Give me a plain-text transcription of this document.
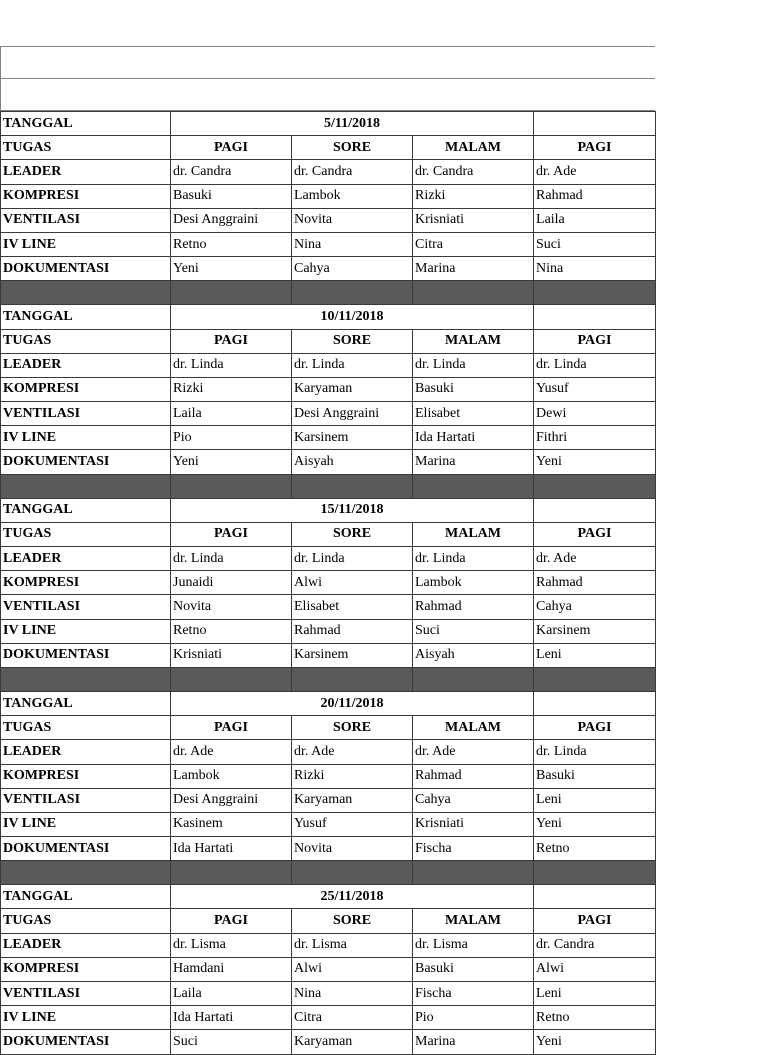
TANGGAL	5/11/2018			
TUGAS	PAGI	SORE	MALAM	PAGI
LEADER	dr. Candra	dr. Candra	dr. Candra	dr. Ade
KOMPRESI	Basuki	Lambok	Rizki	Rahmad
VENTILASI	Desi Anggraini	Novita	Krisniati	Laila
IV LINE	Retno	Nina	Citra	Suci
DOKUMENTASI	Yeni	Cahya	Marina	Nina

TANGGAL	10/11/2018			
TUGAS	PAGI	SORE	MALAM	PAGI
LEADER	dr. Linda	dr. Linda	dr. Linda	dr. Linda
KOMPRESI	Rizki	Karyaman	Basuki	Yusuf
VENTILASI	Laila	Desi Anggraini	Elisabet	Dewi
IV LINE	Pio	Karsinem	Ida Hartati	Fithri
DOKUMENTASI	Yeni	Aisyah	Marina	Yeni

TANGGAL	15/11/2018			
TUGAS	PAGI	SORE	MALAM	PAGI
LEADER	dr. Linda	dr. Linda	dr. Linda	dr. Ade
KOMPRESI	Junaidi	Alwi	Lambok	Rahmad
VENTILASI	Novita	Elisabet	Rahmad	Cahya
IV LINE	Retno	Rahmad	Suci	Karsinem
DOKUMENTASI	Krisniati	Karsinem	Aisyah	Leni

TANGGAL	20/11/2018			
TUGAS	PAGI	SORE	MALAM	PAGI
LEADER	dr. Ade	dr. Ade	dr. Ade	dr. Linda
KOMPRESI	Lambok	Rizki	Rahmad	Basuki
VENTILASI	Desi Anggraini	Karyaman	Cahya	Leni
IV LINE	Kasinem	Yusuf	Krisniati	Yeni
DOKUMENTASI	Ida Hartati	Novita	Fischa	Retno

TANGGAL	25/11/2018			
TUGAS	PAGI	SORE	MALAM	PAGI
LEADER	dr. Lisma	dr. Lisma	dr. Lisma	dr. Candra
KOMPRESI	Hamdani	Alwi	Basuki	Alwi
VENTILASI	Laila	Nina	Fischa	Leni
IV LINE	Ida Hartati	Citra	Pio	Retno
DOKUMENTASI	Suci	Karyaman	Marina	Yeni
